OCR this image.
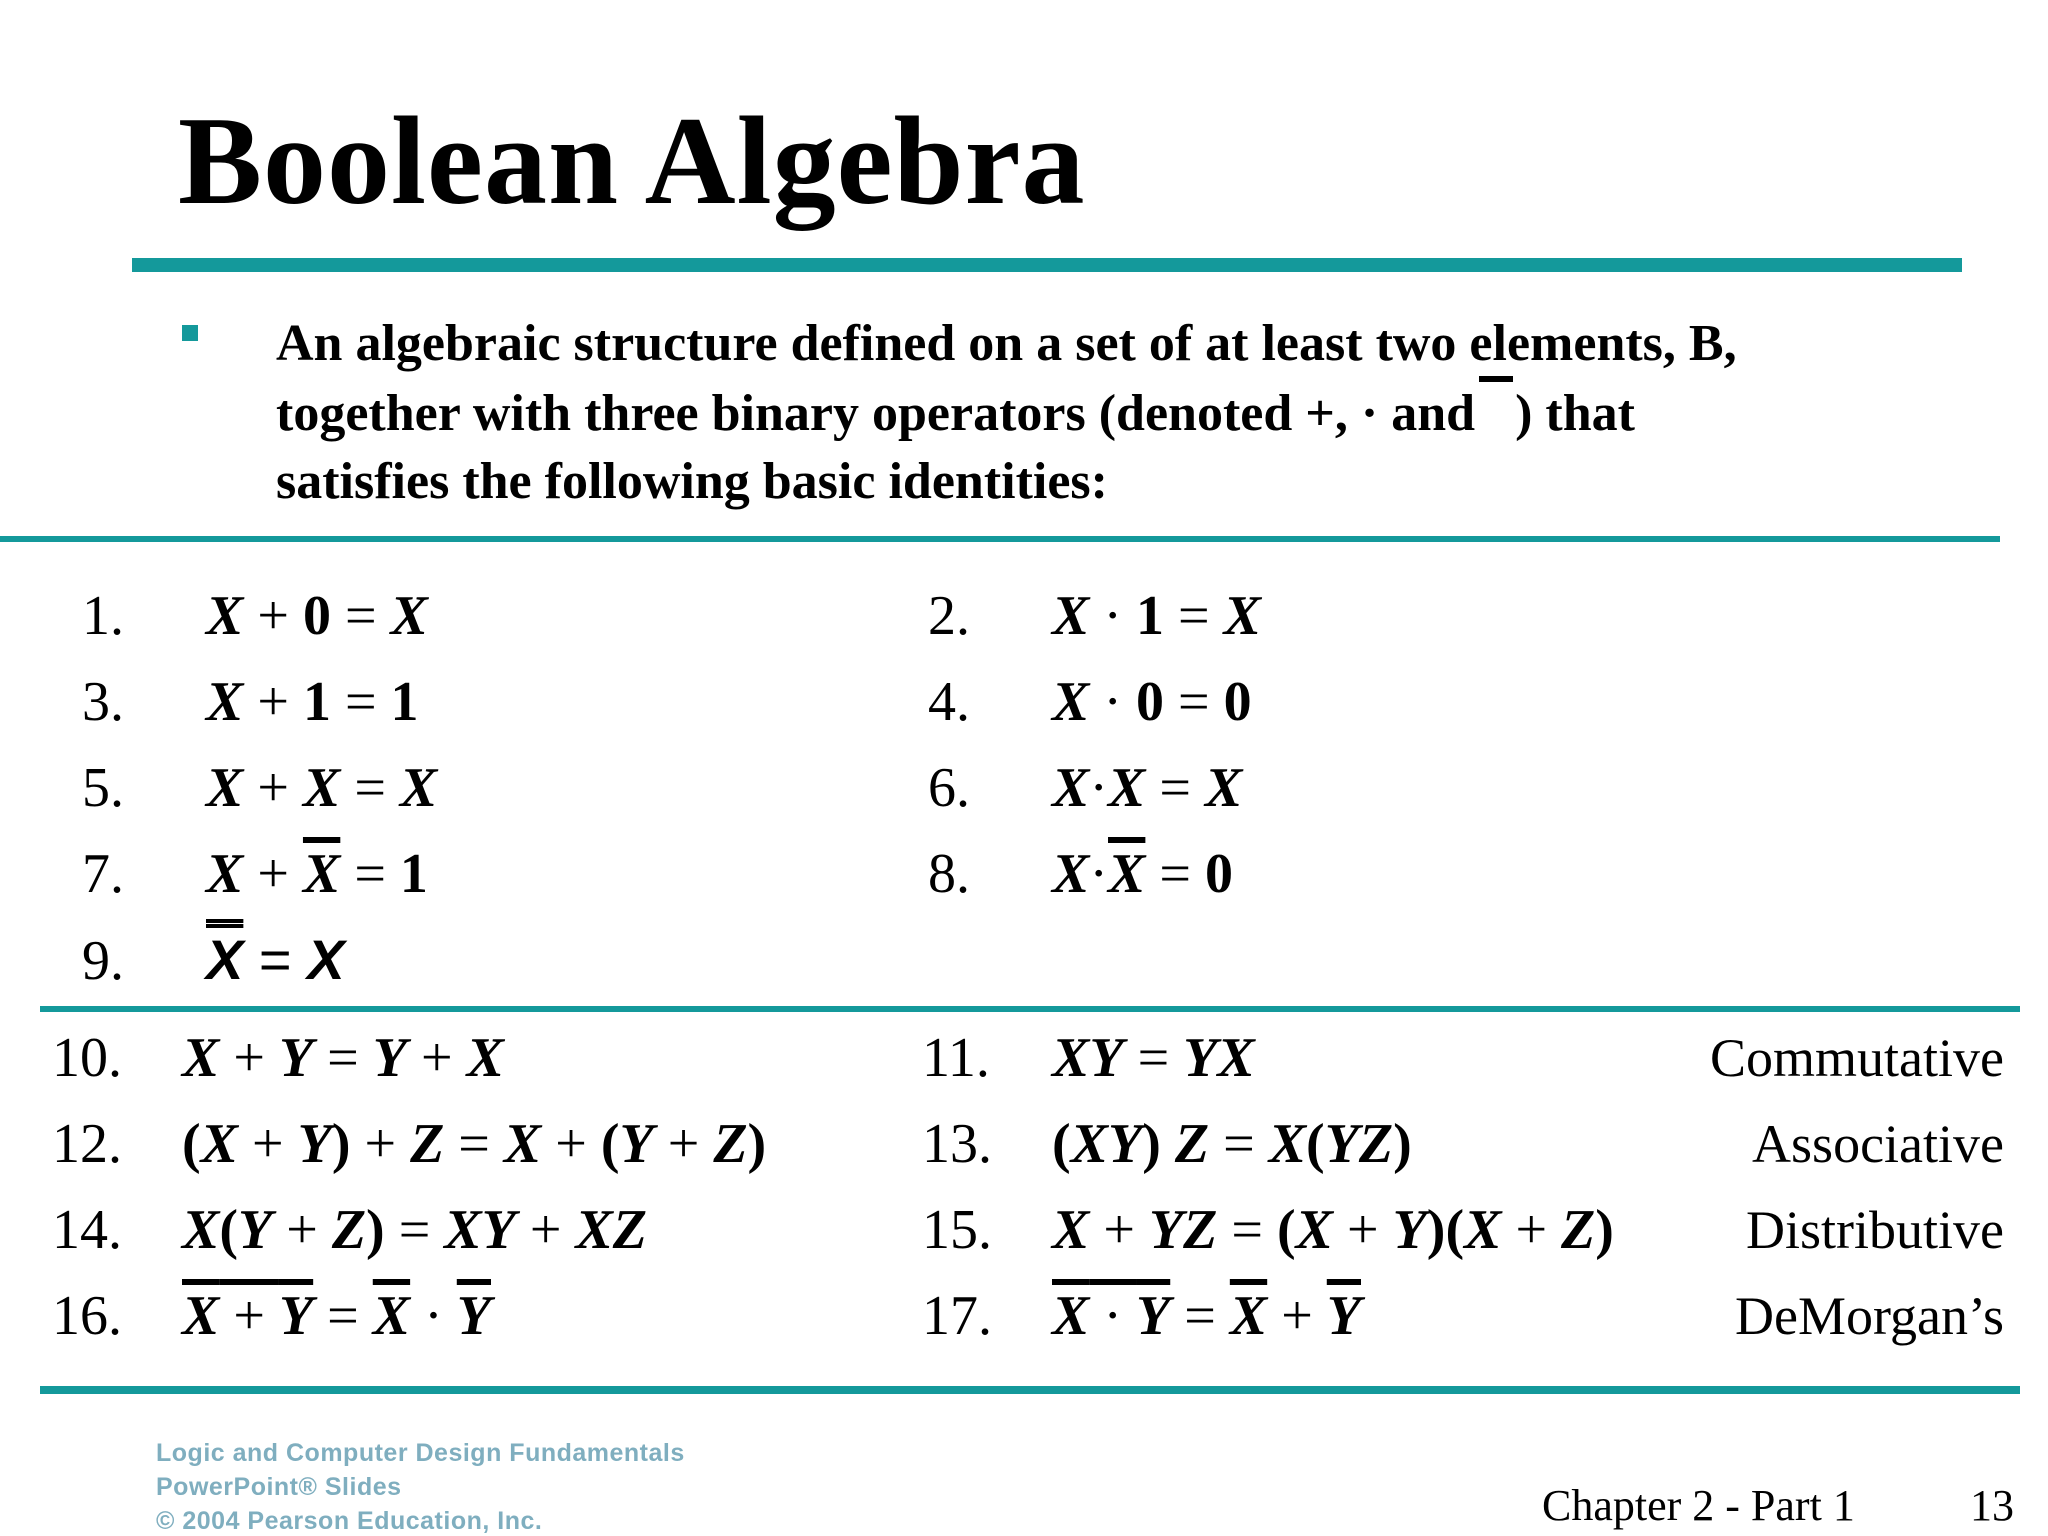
Boolean Algebra

An algebraic structure defined on a set of at least two elements, B,
together with three binary operators (denoted +, · and ) that
satisfies the following basic identities:

1.	X + 0 = X	2.	X · 1 = X
3.	X + 1 = 1	4.	X · 0 = 0
5.	X + X = X	6.	X·X = X
7.	$X + \overline{X} = 1$	8.	$X\cdot\overline{X} = 0$
9.	X = X
10.	X + Y = Y + X	11.	XY = YX	Commutative
12.	(X + Y) + Z = X + (Y + Z)	13.	(XY) Z = X(YZ)	Associative
14.	X(Y + Z) = XY + XZ	15.	X + YZ = (X + Y)(X + Z) Distributive
16.	$X + Y = \overline{X} \cdot \overline{Y}$	17.	$X \cdot Y = \overline{X} + \overline{Y}$	DeMorgan’s

Logic and Computer Design Fundamentals
PowerPoint® Slides
© 2004 Pearson Education, Inc.	Chapter 2 - Part 1	13
